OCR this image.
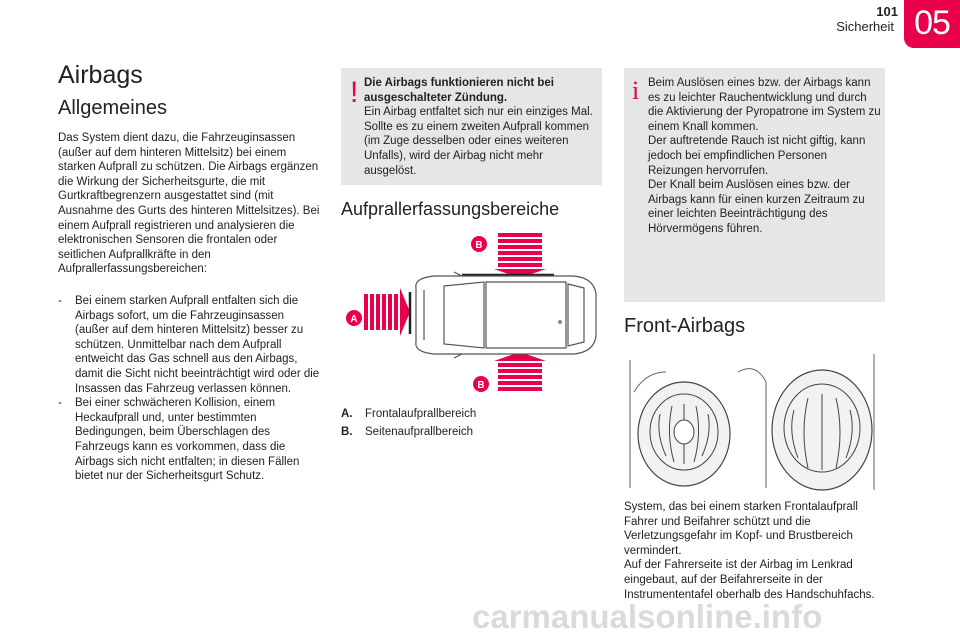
101
Sicherheit 05
Airbags
Allgemeines
Das System dient dazu, die Fahrzeuginsassen (außer auf dem hinteren Mittelsitz) bei einem starken Aufprall zu schützen. Die Airbags ergänzen die Wirkung der Sicherheitsgurte, die mit Gurtkraftbegrenzern ausgestattet sind (mit Ausnahme des Gurts des hinteren Mittelsitzes). Bei einem Aufprall registrieren und analysieren die elektronischen Sensoren die frontalen oder seitlichen Aufprallkräfte in den Aufprallerfassungsbereichen:
- Bei einem starken Aufprall entfalten sich die Airbags sofort, um die Fahrzeuginsassen (außer auf dem hinteren Mittelsitz) besser zu schützen. Unmittelbar nach dem Aufprall entweicht das Gas schnell aus den Airbags, damit die Sicht nicht beeinträchtigt wird oder die Insassen das Fahrzeug verlassen können.
- Bei einer schwächeren Kollision, einem Heckaufprall und, unter bestimmten Bedingungen, beim Überschlagen des Fahrzeugs kann es vorkommen, dass die Airbags sich nicht entfalten; in diesen Fällen bietet nur der Sicherheitsgurt Schutz.
! Die Airbags funktionieren nicht bei ausgeschalteter Zündung.
Ein Airbag entfaltet sich nur ein einziges Mal. Sollte es zu einem zweiten Aufprall kommen (im Zuge desselben oder eines weiteren Unfalls), wird der Airbag nicht mehr ausgelöst.
Aufprallerfassungsbereiche
B
A
B
A. Frontalaufprallbereich
B. Seitenaufprallbereich
i Beim Auslösen eines bzw. der Airbags kann es zu leichter Rauchentwicklung und durch die Aktivierung der Pyropatrone im System zu einem Knall kommen.
Der auftretende Rauch ist nicht giftig, kann jedoch bei empfindlichen Personen Reizungen hervorrufen.
Der Knall beim Auslösen eines bzw. der Airbags kann für einen kurzen Zeitraum zu einer leichten Beeinträchtigung des Hörvermögens führen.
Front-Airbags
System, das bei einem starken Frontalaufprall Fahrer und Beifahrer schützt und die Verletzungsgefahr im Kopf- und Brustbereich vermindert.
Auf der Fahrerseite ist der Airbag im Lenkrad eingebaut, auf der Beifahrerseite in der Instrumententafel oberhalb des Handschuhfachs.
carmanualsonline.info
